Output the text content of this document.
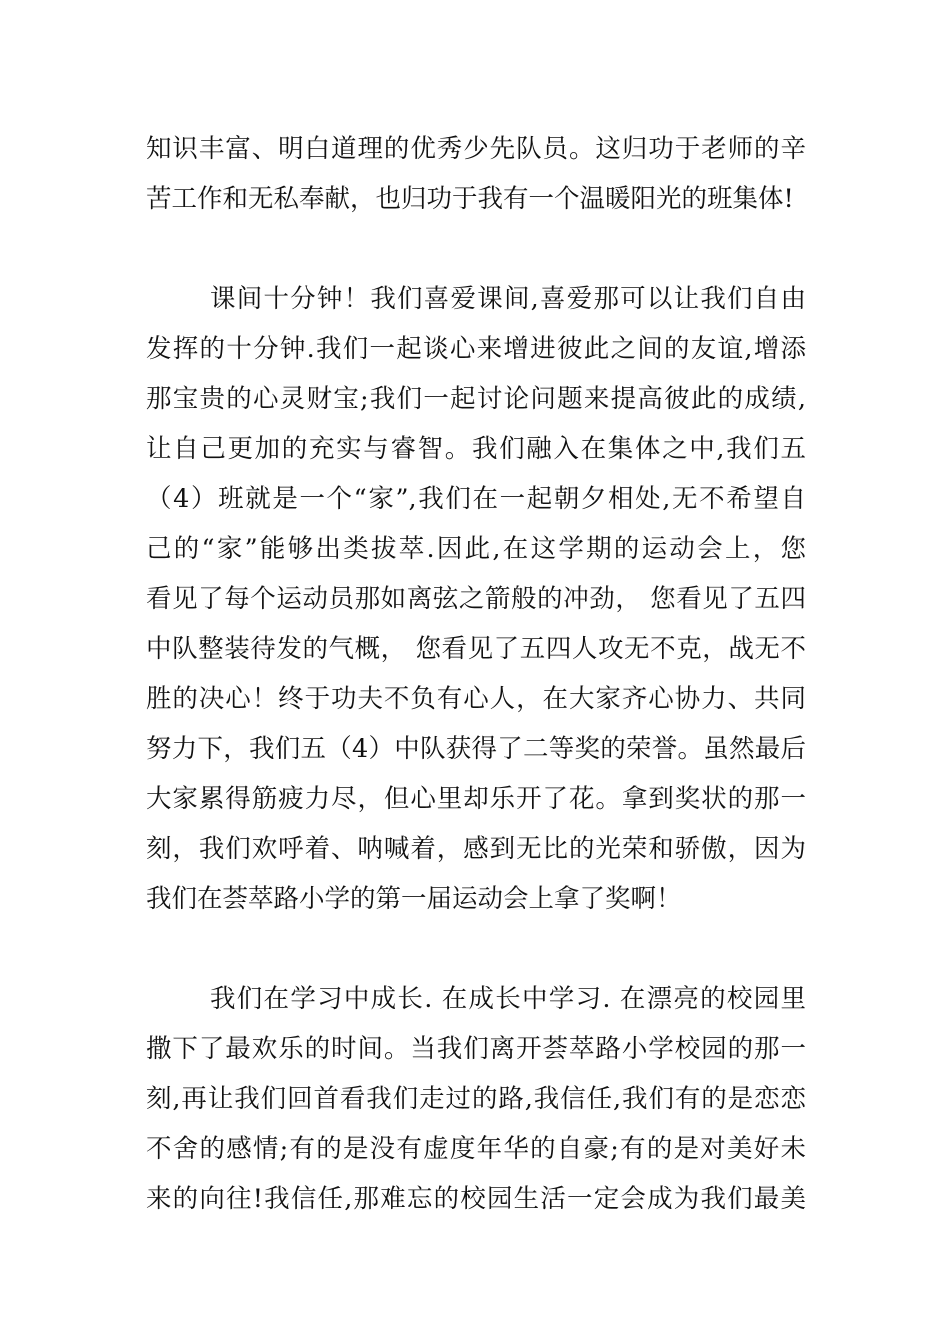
知识丰富、明白道理的优秀少先队员。这归功于老师的辛
苦工作和无私奉献，也归功于我有一个温暖阳光的班集体!
课间十分钟！我们喜爱课间,喜爱那可以让我们自由
发挥的十分钟.我们一起谈心来增进彼此之间的友谊,增添
那宝贵的心灵财宝;我们一起讨论问题来提高彼此的成绩,
让自己更加的充实与睿智。我们融入在集体之中,我们五
（4）班就是一个“家”,我们在一起朝夕相处,无不希望自
己的“家”能够出类拔萃.因此,在这学期的运动会上，您
看见了每个运动员那如离弦之箭般的冲劲， 您看见了五四
中队整装待发的气概， 您看见了五四人攻无不克，战无不
胜的决心！终于功夫不负有心人，在大家齐心协力、共同
努力下，我们五（4）中队获得了二等奖的荣誉。虽然最后
大家累得筋疲力尽，但心里却乐开了花。拿到奖状的那一
刻，我们欢呼着、呐喊着，感到无比的光荣和骄傲，因为
我们在荟萃路小学的第一届运动会上拿了奖啊！
我们在学习中成长. 在成长中学习. 在漂亮的校园里
撒下了最欢乐的时间。当我们离开荟萃路小学校园的那一
刻,再让我们回首看我们走过的路,我信任,我们有的是恋恋
不舍的感情;有的是没有虚度年华的自豪;有的是对美好未
来的向往!我信任,那难忘的校园生活一定会成为我们最美
